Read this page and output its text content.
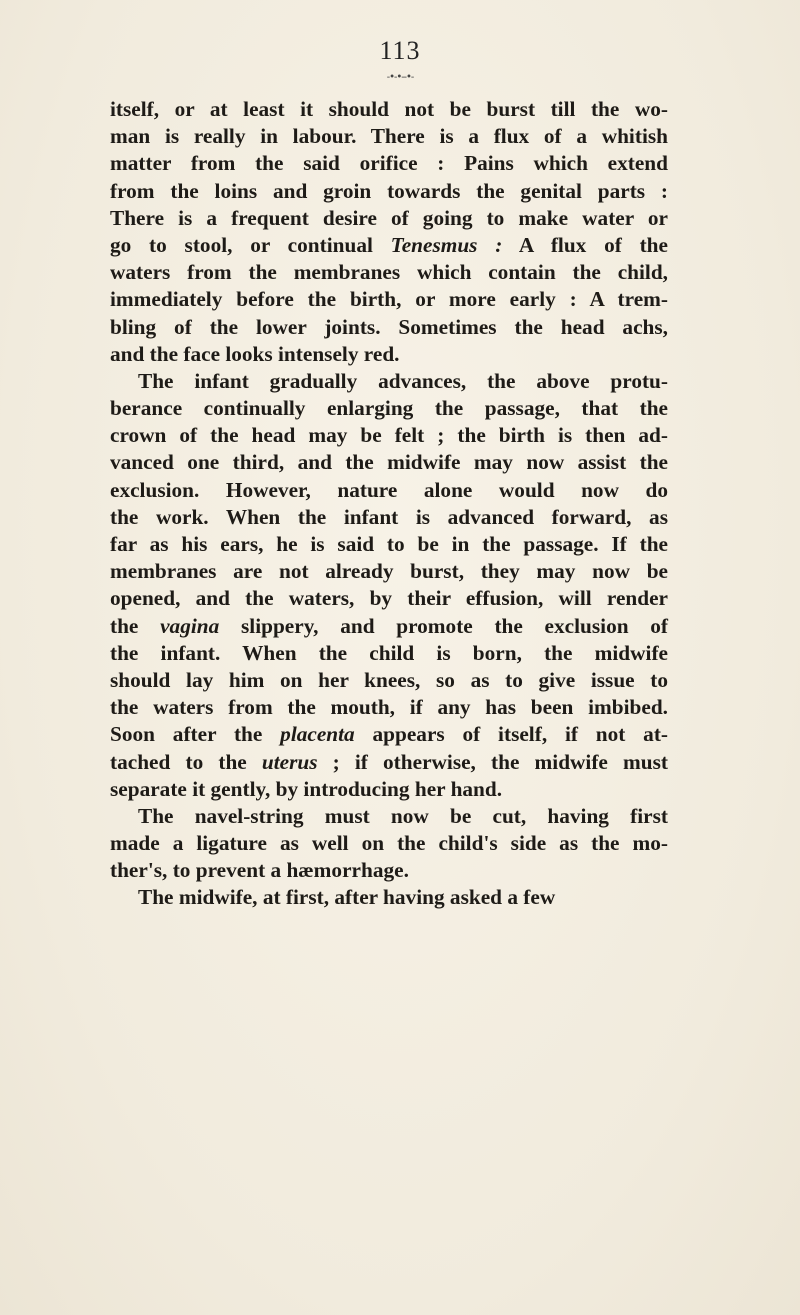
113
-•-•--•-
itself, or at least it should not be burst till the wo-
man is really in labour. There is a flux of a whitish
matter from the said orifice : Pains which extend
from the loins and groin towards the genital parts :
There is a frequent desire of going to make water or
go to stool, or continual Tenesmus : A flux of the
waters from the membranes which contain the child,
immediately before the birth, or more early : A trem-
bling of the lower joints. Sometimes the head achs,
and the face looks intensely red.
The infant gradually advances, the above protu-
berance continually enlarging the passage, that the
crown of the head may be felt ; the birth is then ad-
vanced one third, and the midwife may now assist the
exclusion. However, nature alone would now do
the work. When the infant is advanced forward, as
far as his ears, he is said to be in the passage. If the
membranes are not already burst, they may now be
opened, and the waters, by their effusion, will render
the vagina slippery, and promote the exclusion of
the infant. When the child is born, the midwife
should lay him on her knees, so as to give issue to
the waters from the mouth, if any has been imbibed.
Soon after the placenta appears of itself, if not at-
tached to the uterus ; if otherwise, the midwife must
separate it gently, by introducing her hand.
The navel-string must now be cut, having first
made a ligature as well on the child's side as the mo-
ther's, to prevent a hæmorrhage.
The midwife, at first, after having asked a few
